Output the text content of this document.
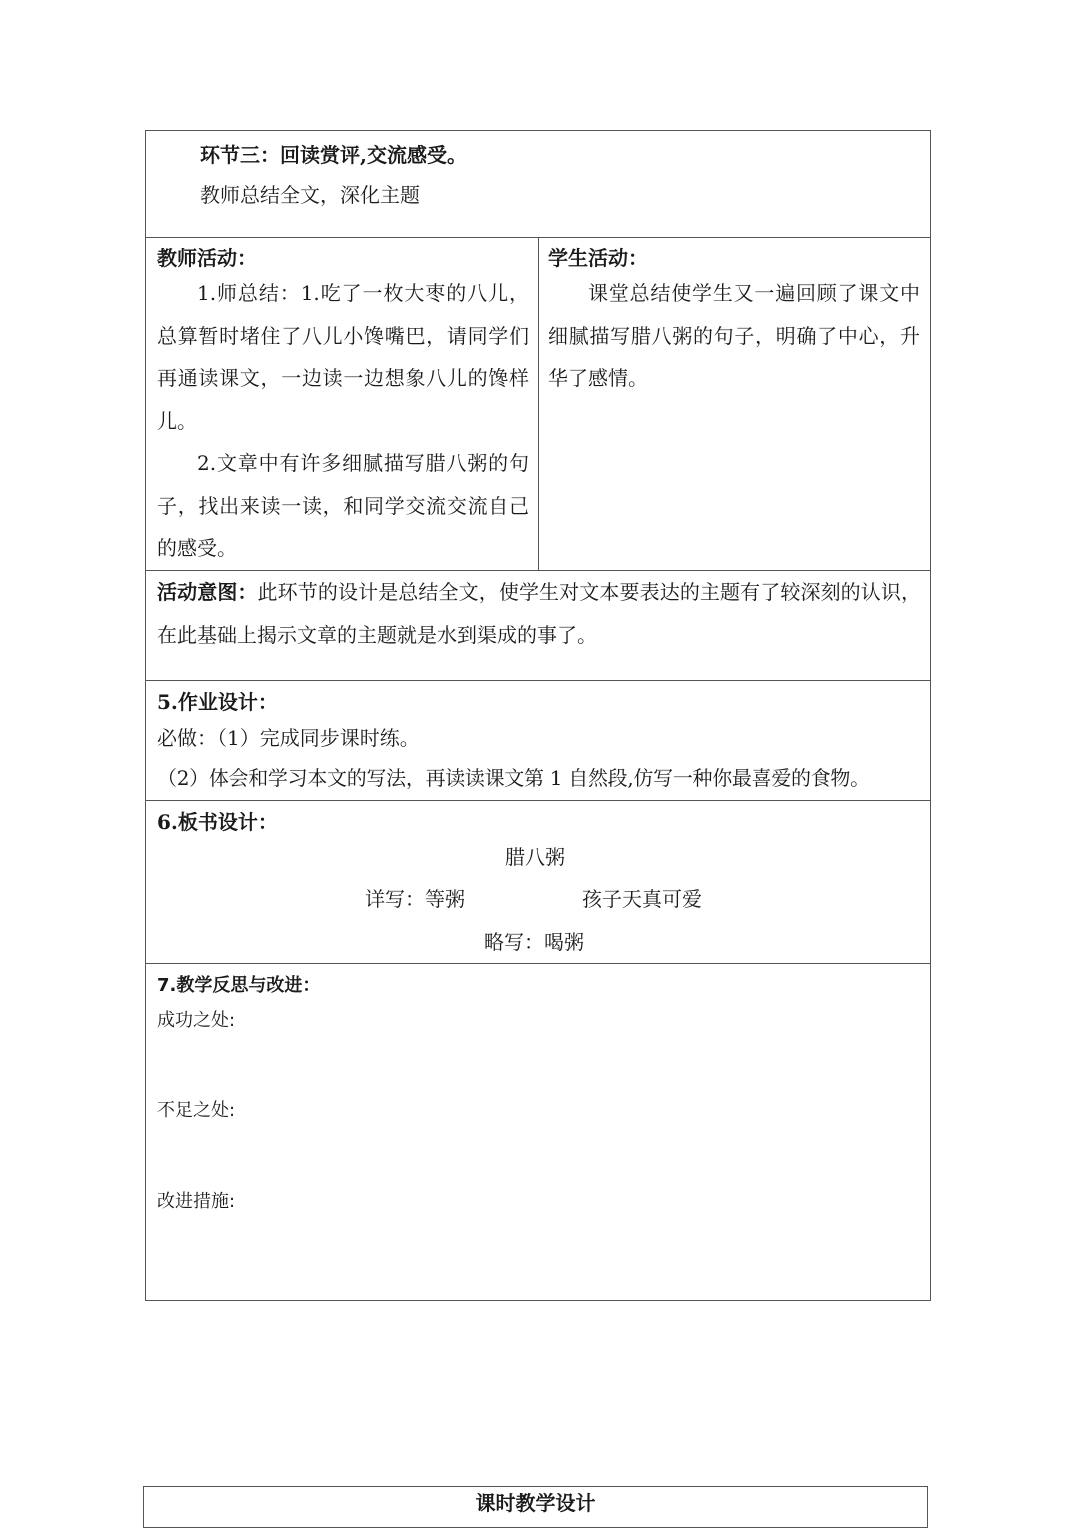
环节三：回读赏评,交流感受。
教师总结全文，深化主题
教师活动：
1.师总结：1.吃了一枚大枣的八儿，总算暂时堵住了八儿小馋嘴巴，请同学们再通读课文，一边读一边想象八儿的馋样儿。
2.文章中有许多细腻描写腊八粥的句子，找出来读一读，和同学交流交流自己的感受。
学生活动：
课堂总结使学生又一遍回顾了课文中细腻描写腊八粥的句子，明确了中心，升华了感情。
活动意图：此环节的设计是总结全文，使学生对文本要表达的主题有了较深刻的认识，在此基础上揭示文章的主题就是水到渠成的事了。
5.作业设计：
必做：（1）完成同步课时练。
（2）体会和学习本文的写法，再读读课文第 1 自然段,仿写一种你最喜爱的食物。
6.板书设计：
腊八粥
详写：等粥	孩子天真可爱
略写：喝粥
7.教学反思与改进：
成功之处:
不足之处:
改进措施:
课时教学设计
